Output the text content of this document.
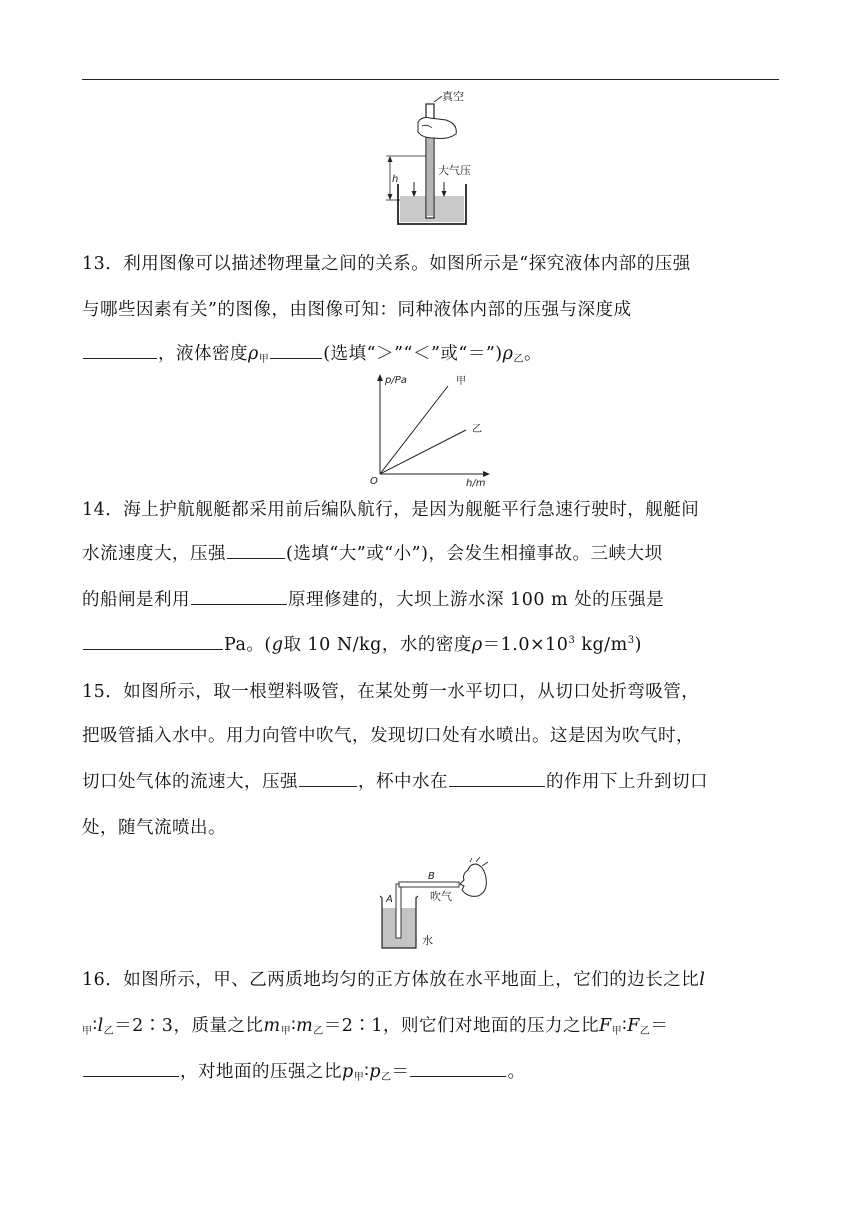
真空
h
大气压
13．利用图像可以描述物理量之间的关系。如图所示是“探究液体内部的压强
与哪些因素有关”的图像，由图像可知：同种液体内部的压强与深度成
，液体密度$\rho_甲$	(选填“＞”“＜”或“$=”)\rho_乙$。
p/Pa	甲
乙
O	h/m
14．海上护航舰艇都采用前后编队航行，是因为舰艇平行急速行驶时，舰艇间
水流速度大，压强	(选填“大”或“小”)，会发生相撞事故。三峡大坝
的船闸是利用	原理修建的，大坝上游水深 100 m 处的压强是
Pa。(g取 10 N/kg，水的密度$\rho=1.0\times 10^3$ $kg/m^3$)
15．如图所示，取一根塑料吸管，在某处剪一水平切口，从切口处折弯吸管，
把吸管插入水中。用力向管中吹气，发现切口处有水喷出。这是因为吹气时，
切口处气体的流速大，压强	，杯中水在	的作用下上升到切口
处，随气流喷出。
A
B
吹气
水
16．如图所示，甲、乙两质地均匀的正方体放在水平地面上，它们的边长之比l
$_甲∶l_乙=2∶3$，质量之比$m_甲∶m_乙=2∶1$，则它们对地面的压力之比$F_甲∶F_乙=$
，对地面的压强之比$p_甲∶p_乙=$	。
